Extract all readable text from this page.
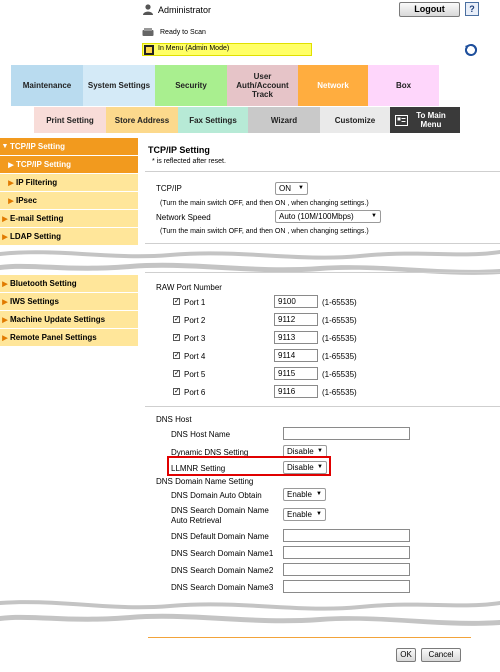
Administrator	Logout	?
Ready to Scan
In Menu (Admin Mode)
Maintenance	System Settings	Security
User Auth/Account Track
Network	Box
Print Setting	Store Address	Fax Settings	Wizard	Customize	To Main Menu
▼ TCP/IP Setting
▶ TCP/IP Setting
▶ IP Filtering
▶ IPsec
▶ E-mail Setting
▶ LDAP Setting
▶ Bluetooth Setting
▶ IWS Settings
▶ Machine Update Settings
▶ Remote Panel Settings
TCP/IP Setting
* is reflected after reset.
TCP/IP	ON ▼
(Turn the main switch OFF, and then ON , when changing settings.)
Network Speed	Auto (10M/100Mbps)	▼
(Turn the main switch OFF, and then ON , when changing settings.)
RAW Port Number
✓ Port 1	9100	(1-65535)
✓ Port 2	9112	(1-65535)
✓ Port 3	9113	(1-65535)
✓ Port 4	9114	(1-65535)
✓ Port 5	9115	(1-65535)
✓ Port 6	9116	(1-65535)
DNS Host
DNS Host Name
Dynamic DNS Setting	Disable ▼
LLMNR Setting	Disable ▼
DNS Domain Name Setting
DNS Domain Auto Obtain	Enable ▼
DNS Search Domain Name
Auto Retrieval
Enable ▼
DNS Default Domain Name
DNS Search Domain Name1
DNS Search Domain Name2
DNS Search Domain Name3
OK	Cancel
